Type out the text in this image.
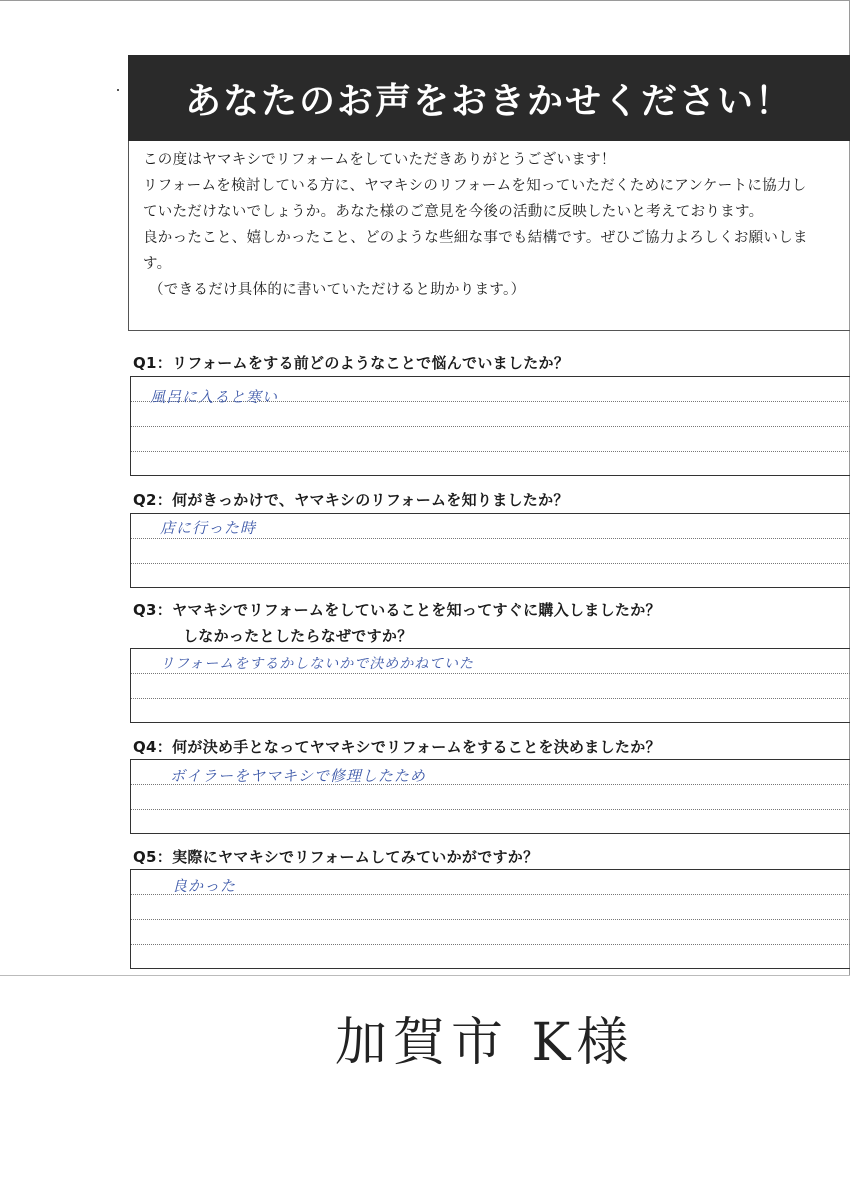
あなたのお声をおきかせください！
この度はヤマキシでリフォームをしていただきありがとうございます！
リフォームを検討している方に、ヤマキシのリフォームを知っていただくためにアンケートに協力し
ていただけないでしょうか。あなた様のご意見を今後の活動に反映したいと考えております。
良かったこと、嬉しかったこと、どのような些細な事でも結構です。ぜひご協力よろしくお願いしま
す。
（できるだけ具体的に書いていただけると助かります。）
Q1：リフォームをする前どのようなことで悩んでいましたか？
風呂に入ると寒い
Q2：何がきっかけで、ヤマキシのリフォームを知りましたか？
店に行った時
Q3：ヤマキシでリフォームをしていることを知ってすぐに購入しましたか？
しなかったとしたらなぜですか？
リフォームをするかしないかで決めかねていた
Q4：何が決め手となってヤマキシでリフォームをすることを決めましたか？
ボイラーをヤマキシで修理したため
Q5：実際にヤマキシでリフォームしてみていかがですか？
良かった
加賀市 K様
